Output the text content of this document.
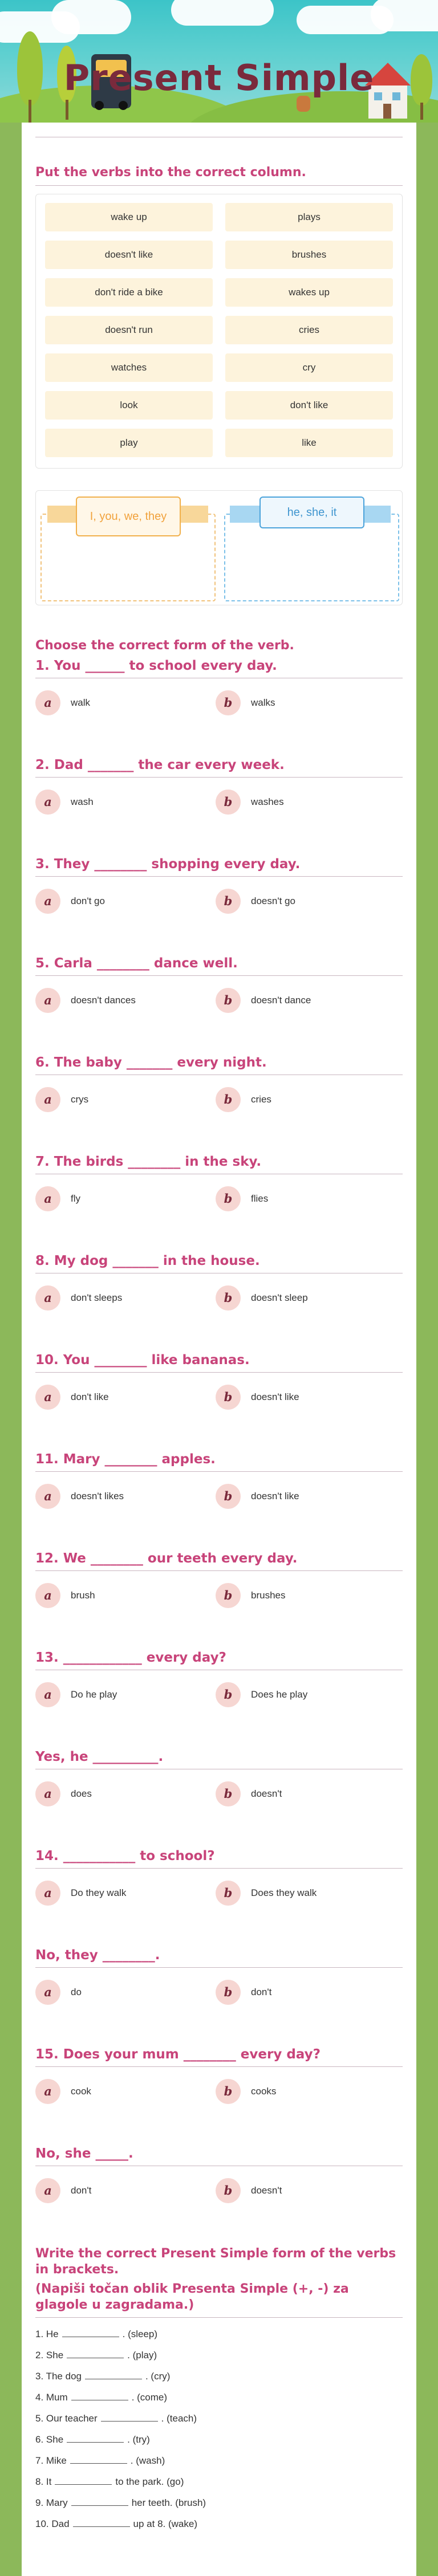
Present Simple
Put the verbs into the correct column.
wake up	plays
doesn't like	brushes
don't ride a bike	wakes up
doesn't run	cries
watches	cry
look	don't like
play	like
I, you, we, they	he, she, it
Choose the correct form of the verb.
Write the correct Present Simple form of the verbs in brackets.
(Napiši točan oblik Presenta Simple (+, -) za glagole u zagradama.)
1. You ______ to school every day.
a	walk	b	walks
2. Dad _______ the car every week.
a	wash	b	washes
3. They ________ shopping every day.
a	don't go	b	doesn't go
5. Carla ________ dance well.
a	doesn't dances	b	doesn't dance
6. The baby _______ every night.
a	crys	b	cries
7. The birds ________ in the sky.
a	fly	b	flies
8. My dog _______ in the house.
a	don't sleeps	b	doesn't sleep
10. You ________ like bananas.
a	don't like	b	doesn't like
11. Mary ________ apples.
a	doesn't likes	b	doesn't like
12. We ________ our teeth every day.
a	brush	b	brushes
13. ____________ every day?
a	Do he play	b	Does he play
Yes, he __________.
a	does	b	doesn't
14. ___________ to school?
a	Do they walk	b	Does they walk
No, they ________.
a	do	b	don't
15. Does your mum ________ every day?
a	cook	b	cooks
No, she _____.
a	don't	b	doesn't
1. He	. (sleep)
2. She	. (play)
3. The dog	. (cry)
4. Mum	. (come)
5. Our teacher	. (teach)
6. She	. (try)
7. Mike	. (wash)
8. It	to the park. (go)
9. Mary	her teeth. (brush)
10. Dad	up at 8. (wake)
